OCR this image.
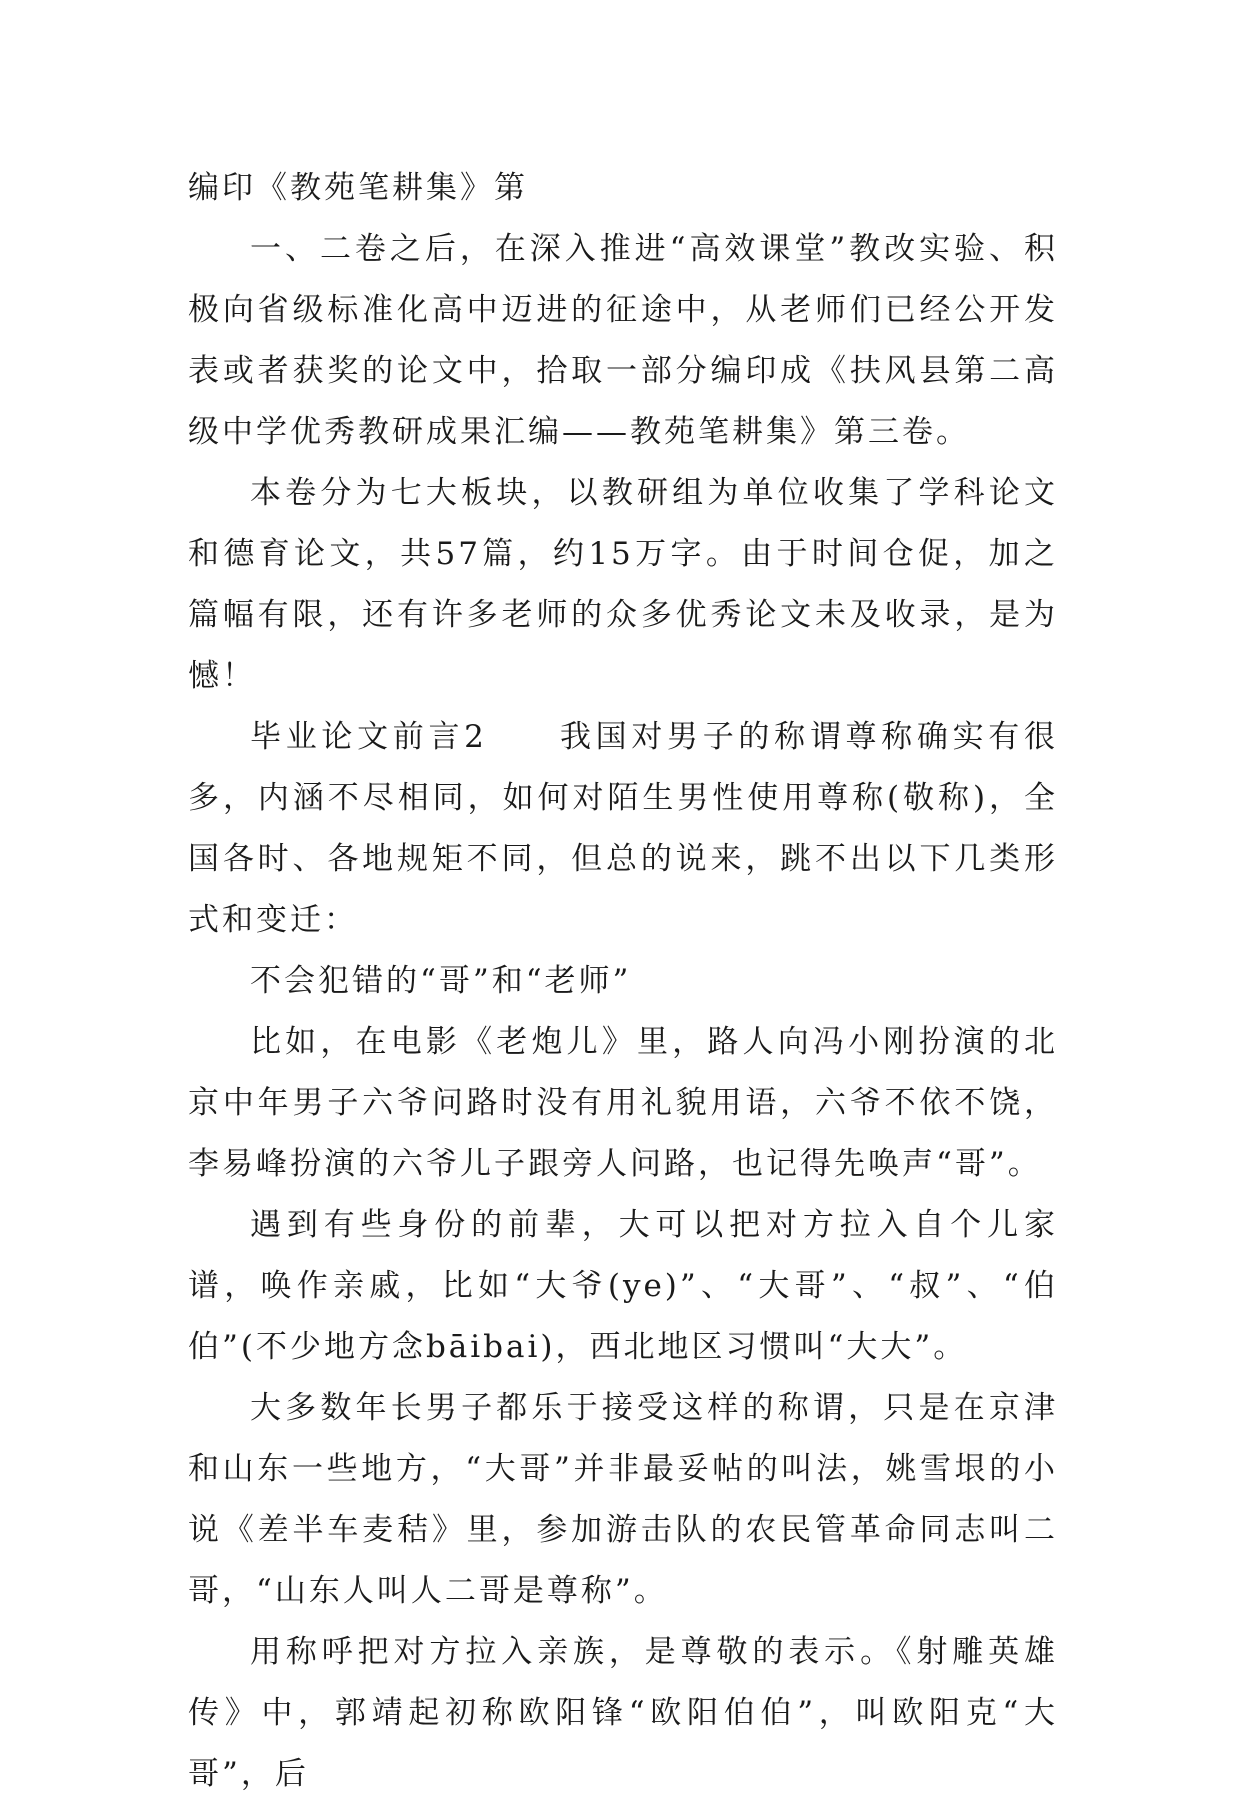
编印《教苑笔耕集》第

一、二卷之后，在深入推进“高效课堂”教改实验、积极向省级标准化高中迈进的征途中，从老师们已经公开发表或者获奖的论文中，拾取一部分编印成《扶风县第二高级中学优秀教研成果汇编——教苑笔耕集》第三卷。

本卷分为七大板块，以教研组为单位收集了学科论文和德育论文，共57篇，约15万字。由于时间仓促，加之篇幅有限，还有许多老师的众多优秀论文未及收录，是为憾！

毕业论文前言2　　我国对男子的称谓尊称确实有很多，内涵不尽相同，如何对陌生男性使用尊称(敬称)，全国各时、各地规矩不同，但总的说来，跳不出以下几类形式和变迁：

不会犯错的“哥”和“老师”

比如，在电影《老炮儿》里，路人向冯小刚扮演的北京中年男子六爷问路时没有用礼貌用语，六爷不依不饶，李易峰扮演的六爷儿子跟旁人问路，也记得先唤声“哥”。

遇到有些身份的前辈，大可以把对方拉入自个儿家谱，唤作亲戚，比如“大爷(ye)”、“大哥”、“叔”、“伯伯”(不少地方念bāibai)，西北地区习惯叫“大大”。

大多数年长男子都乐于接受这样的称谓，只是在京津和山东一些地方，“大哥”并非最妥帖的叫法，姚雪垠的小说《差半车麦秸》里，参加游击队的农民管革命同志叫二哥，“山东人叫人二哥是尊称”。

用称呼把对方拉入亲族，是尊敬的表示。《射雕英雄传》中，郭靖起初称欧阳锋“欧阳伯伯”，叫欧阳克“大哥”，后
